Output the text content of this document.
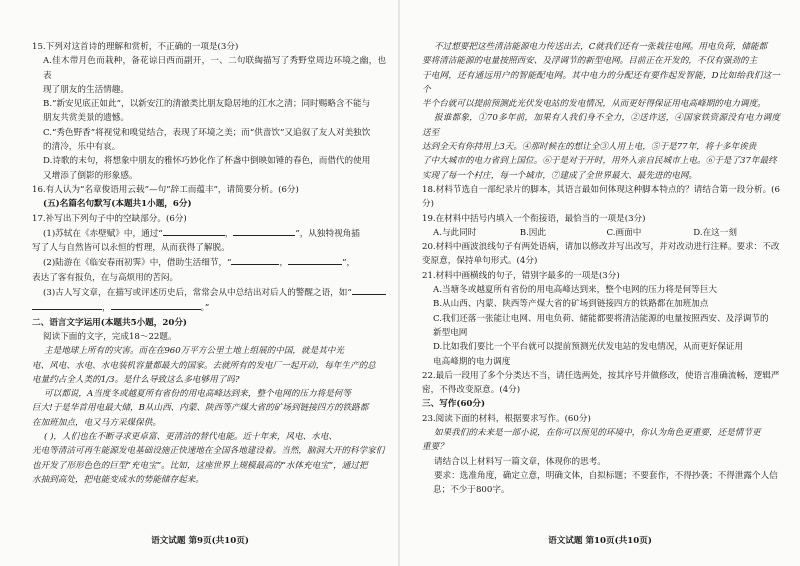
15.下列对这首诗的理解和赏析，不正确的一项是(3分)

A.佳木带月色而栽种，备花谅日西而副开，一、二句联綯描写了秀野堂周边环境之幽，也表

现了朋友的生活情趣。

B.“新安见底正如此”，以新安江的清澈类比朋友隐居地的江水之清；同时赐略含不能与

朋友共赏美景的遗憾。

C.“秀色野香”将视觉和嗅觉结合，表现了环境之美；而“供啬饮”又追叙了友人对美独饮

的清冷，乐中有哀。

D.诗歌的末句，将想象中朋友的雅怀巧妙化作了杯盏中倒映如锤的春色，而借代的使用

又增添了倒影的形象感。

16.有人认为“名章俊语用云载”—句“辞工而蕴丰”，请简要分析。(6分)

(五)名篇名句默写(本题共1小题，6分)

17.补写出下列句子中的空缺部分。(6分)

(1)苏轼在《赤壁赋》中，通过“	，	”，从独特视角插

写了人与自然皆可以永恒的哲理，从而获得了解脱。

(2)陆游在《临安春雨初霁》中，借助生活细节，“	，	”，

表达了客有报负，在与高烦用的苦闷。

(3)古人写文章，在描写或评述历史后，常常会从中总结出对后人的警醒之语，如“

，	。”

二、语言文字运用(本题共5小题，20分)

阅读下面的文字，完成18～22题。

主是地球上所有的灾害。而在在960万平方公里土地上组展的中国，就是其中光

电、风电、水电、水电装机容量都最大的国家。去就所有的发电厂一起开动，每年生产的总

电量约占全人类的1/3。是什么导致这么多电够用了吗?

可以都说，A当度冬或越夏所有省份的用电高峰达到来，整个电网的压力将是何等

巨大!于是华首用电最大储，B从山西、内蒙、陕西等产煤大省的矿场到链接四方的铁路都

在加班加点，电又马方采煤保供。

( )，人们也在不断寻求更卓富、更清洁的替代电能。近十年来，风电、水电、

光电等清洁可再生能源发电基础设施正快速地在全国各地建设着。当然，脑洞大开的科学家们

也开发了形形色色的巨型“充电宝”。比如，这座世界上规模最高的“水体充电宝”，通过把

水抽到高处，把电能变成水的势能储存起来。

语文试题 第9页(共10页)

不过想要把这些清洁能源电力传送出去，C就我们还有一张栽往电网。用电负荷，储能都

要将清洁能源的电量按照西安、及浮调节的新型电网。目前正在开发的，不仅有强劲的主

于电网，还有通远用户的智能配电网。其中电力的分配还有要作起发智能，D比如绐我们这一个

半个台就可以提前预测此光伏发电站的发电情况，从而更好得保证用电高峰期的电力调度。

报谁都象，①70多年前，加果有人我们身不全力，②送许送，④国家铁资源没有电力调度送至

达到全天有你持用上3天。④那时候在的想让全③人用上电，⑤于是77年，将十多年诶贵

了中大城市的电力省到上国位。⑥于是对于开时，用外入亲自民城市上电。⑥于是了37年最终

实现了每一个村庄，每一个城市，⑦建成了全世界最大、最先进的电网。

18.材料节选自一部纪录片的脚本，其语言最如何体现这种脚本特点的？请结合第一段分析。(6分)

19.在材料中括号内填入一个衔接语，最恰当的一项是(3分)

A.与此同时	B.因此	C.画面中	D.在这一刻

20.材料中画波浪线句子有两处语病，请加以修改并写出改写，并对改动进行注释。要求：不改

变原意，保持单句形式。(4分)

21.材料中画横线的句子，错别字最多的一项是(3分)

A.当塘冬或越夏所有省份的用电高峰达到来，整个电网的压力将是何等巨大

B.从山西、内蒙、陕西等产煤大省的矿场到链接四方的铁路都在加班加点

C.我们还落一张能让电网、用电负荷、储能都要将清洁能源的电量按照西安、及浮调节的

新型电网

D.比如我们要比一个平台就可以提前预测光伏发电站的发电情况，从而更好保证用

电高峰期的电力调度

22.最后一段用了多个分类达不当，请任选两处，按其序号并做修改，使语言准确流畅，逻辑严

密，不得改变原意。(4分)

三、写作(60分)

23.阅读下面的材料，根据要求写作。(60分)

如果我们的未来是一部小说，在你可以预见的环境中，你认为角色更重要，还是情节更

重要？

请结合以上材料写一篇文章，体现你的思考。

要求：选准角度，确定立意，明确文体，自拟标题；不要套作，不得抄袭；不得泄露个人信

息；不少于800字。

语文试题 第10页(共10页)
